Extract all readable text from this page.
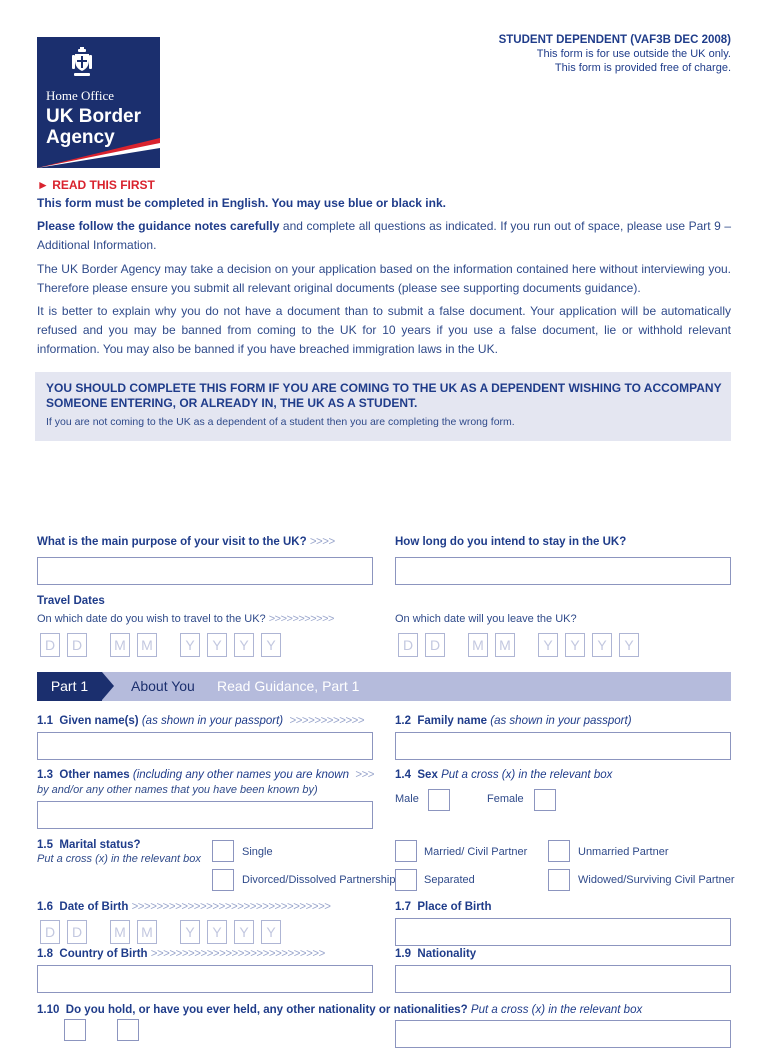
Home Office
UK Border
Agency
STUDENT DEPENDENT (VAF3B DEC 2008)
This form is for use outside the UK only.
This form is provided free of charge.
► READ THIS FIRST
This form must be completed in English. You may use blue or black ink.
Please follow the guidance notes carefully and complete all questions as indicated. If you run out of space, please use Part 9 – Additional Information.
The UK Border Agency may take a decision on your application based on the information contained here without interviewing you. Therefore please ensure you submit all relevant original documents (please see supporting documents guidance).
It is better to explain why you do not have a document than to submit a false document. Your application will be automatically refused and you may be banned from coming to the UK for 10 years if you use a false document, lie or withhold relevant information. You may also be banned if you have breached immigration laws in the UK.
YOU SHOULD COMPLETE THIS FORM IF YOU ARE COMING TO THE UK AS A DEPENDENT WISHING TO ACCOMPANY SOMEONE ENTERING, OR ALREADY IN, THE UK AS A STUDENT.
If you are not coming to the UK as a dependent of a student then you are completing the wrong form.
What is the main purpose of your visit to the UK? >>>>	How long do you intend to stay in the UK?
Travel Dates
On which date do you wish to travel to the UK? >>>>>>>>>>>	On which date will you leave the UK?
D	D	M M	Y	Y	Y	Y	D	D	M M	Y	Y	Y	Y
Part 1	About You Read Guidance, Part 1
1.1 Given name(s) (as shown in your passport) >>>>>>>>>>>>	1.2 Family name (as shown in your passport)
1.3 Other names (including any other names you are known >>>
by and/or any other names that you have been known by)
1.4 Sex Put a cross (x) in the relevant box
Male	Female
1.5 Marital status?
Put a cross (x) in the relevant box
Single	Married/ Civil Partner	Unmarried Partner
Divorced/Dissolved Partnership	Separated	Widowed/Surviving Civil Partner
1.6 Date of Birth >>>>>>>>>>>>>>>>>>>>>>>>>>>>>>>>
D	D	M M	Y	Y	Y	Y
1.7 Place of Birth
1.8 Country of Birth >>>>>>>>>>>>>>>>>>>>>>>>>>>>	1.9 Nationality
1.10 Do you hold, or have you ever held, any other nationality or nationalities? Put a cross (x) in the relevant box
